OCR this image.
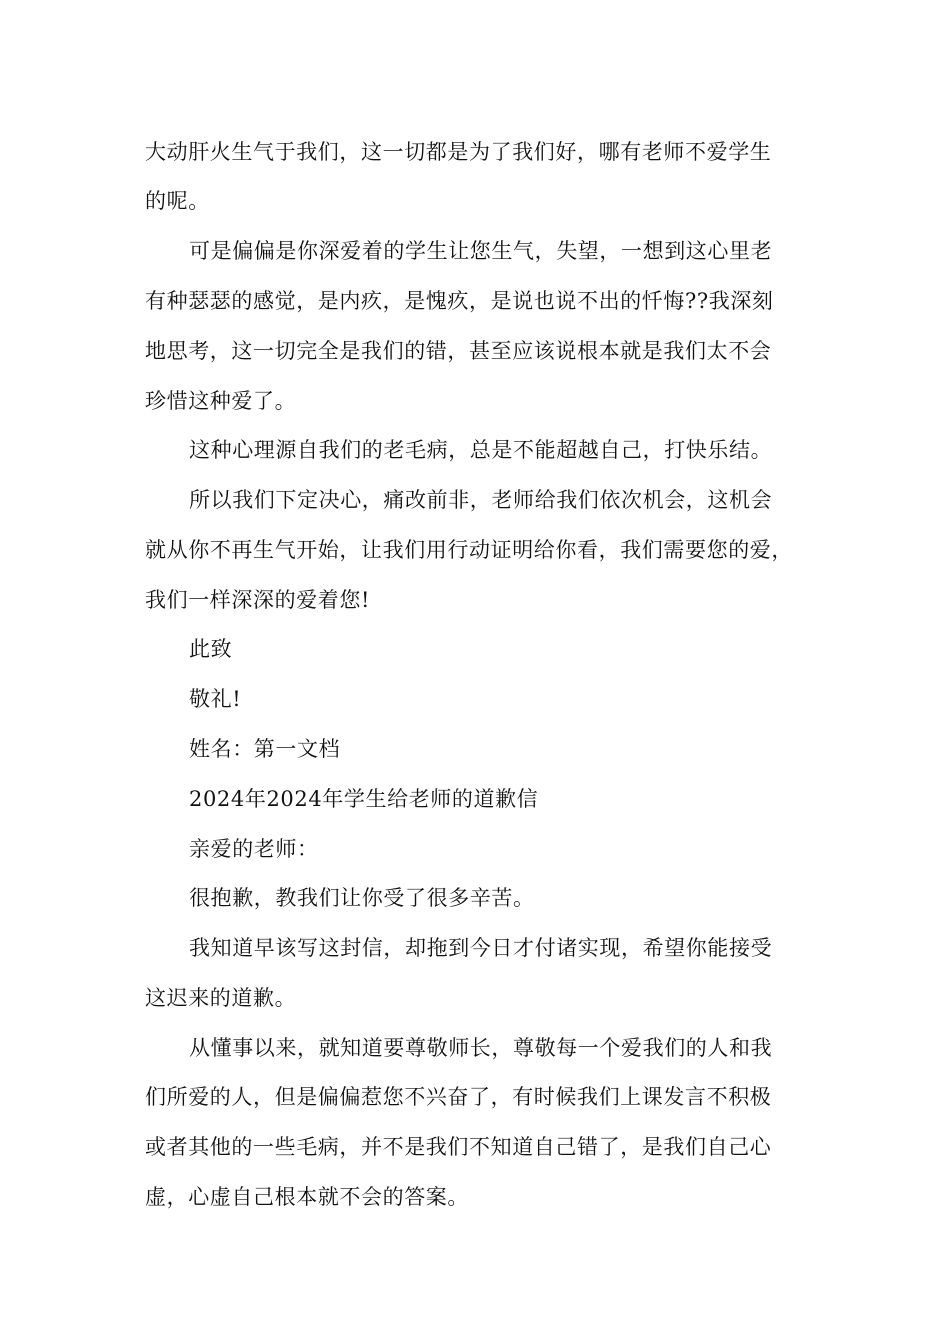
大动肝火生气于我们，这一切都是为了我们好，哪有老师不爱学生
的呢。
可是偏偏是你深爱着的学生让您生气，失望，一想到这心里老
有种瑟瑟的感觉，是内疚，是愧疚，是说也说不出的忏悔??我深刻
地思考，这一切完全是我们的错，甚至应该说根本就是我们太不会
珍惜这种爱了。
这种心理源自我们的老毛病，总是不能超越自己，打快乐结。
所以我们下定决心，痛改前非，老师给我们依次机会，这机会
就从你不再生气开始，让我们用行动证明给你看，我们需要您的爱，
我们一样深深的爱着您!
此致
敬礼!
姓名：第一文档
2024年2024年学生给老师的道歉信
亲爱的老师：
很抱歉，教我们让你受了很多辛苦。
我知道早该写这封信，却拖到今日才付诸实现，希望你能接受
这迟来的道歉。
从懂事以来，就知道要尊敬师长，尊敬每一个爱我们的人和我
们所爱的人，但是偏偏惹您不兴奋了，有时候我们上课发言不积极
或者其他的一些毛病，并不是我们不知道自己错了，是我们自己心
虚，心虚自己根本就不会的答案。
